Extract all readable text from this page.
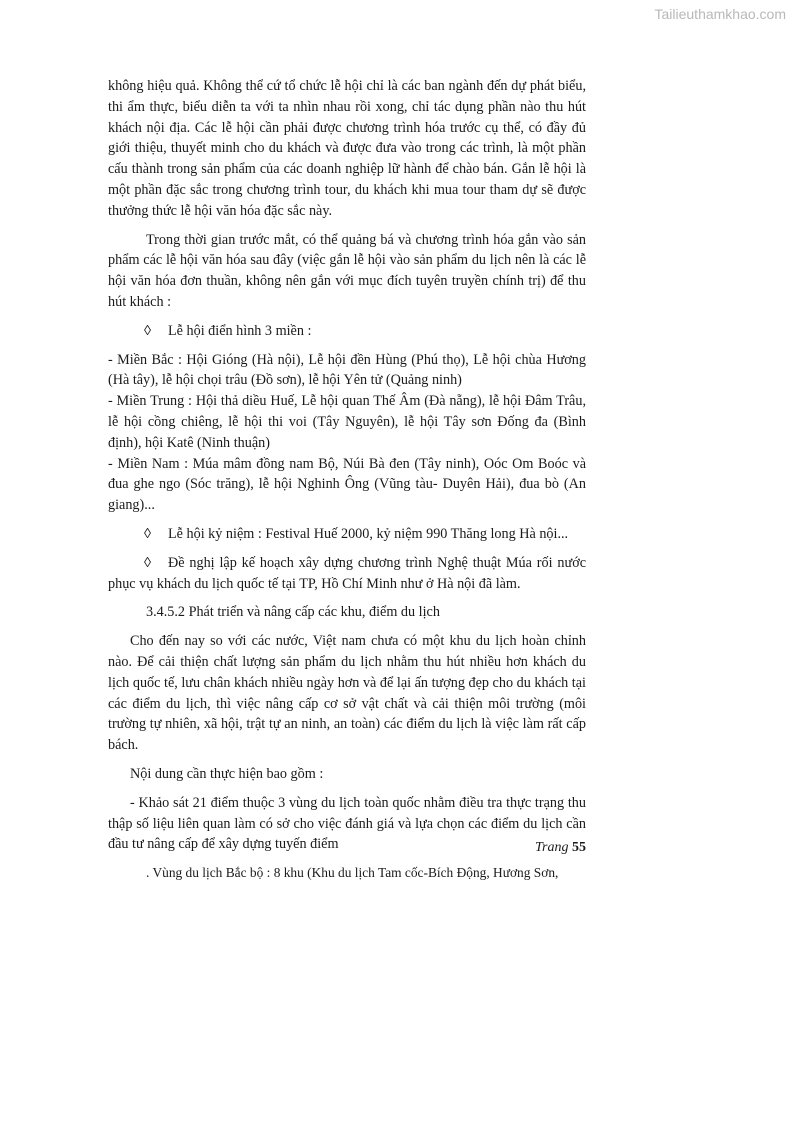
Tailieuthamkhao.com

không hiệu quả. Không thể cứ tổ chức lễ hội chỉ là các ban ngành đến dự phát biểu, thi ẩm thực, biểu diễn ta với ta nhìn nhau rồi xong, chỉ tác dụng phần nào thu hút khách nội địa. Các lễ hội cần phải được chương trình hóa trước cụ thể, có đầy đủ giới thiệu, thuyết minh cho du khách và được đưa vào trong các trình, là một phần cấu thành trong sản phẩm của các doanh nghiệp lữ hành để chào bán. Gắn lễ hội là một phần đặc sắc trong chương trình tour, du khách khi mua tour tham dự sẽ được thưởng thức lễ hội văn hóa đặc sắc này.

Trong thời gian trước mắt, có thể quảng bá và chương trình hóa gắn vào sản phẩm các lễ hội văn hóa sau đây (việc gắn lễ hội vào sản phẩm du lịch nên là các lễ hội văn hóa đơn thuần, không nên gắn với mục đích tuyên truyền chính trị) để thu hút khách :

◊ Lễ hội điển hình 3 miền :

- Miền Bắc : Hội Gióng (Hà nội), Lễ hội đền Hùng (Phú thọ), Lễ hội chùa Hương (Hà tây), lễ hội chọi trâu (Đồ sơn), lễ hội Yên tử (Quảng ninh)

- Miền Trung : Hội thả diều Huế, Lễ hội quan Thế Âm (Đà nẵng), lễ hội Đâm Trâu, lễ hội cồng chiêng, lễ hội thi voi (Tây Nguyên), lễ hội Tây sơn Đống đa (Bình định), hội Katê (Ninh thuận)

- Miền Nam : Múa mâm đồng nam Bộ, Núi Bà đen (Tây ninh), Oóc Om Boóc và đua ghe ngo (Sóc trăng), lễ hội Nghinh Ông (Vũng tàu- Duyên Hải), đua bò (An giang)...

◊ Lễ hội kỷ niệm : Festival Huế 2000, kỷ niệm 990 Thăng long Hà nội...

◊ Đề nghị lập kế hoạch xây dựng chương trình Nghệ thuật Múa rối nước phục vụ khách du lịch quốc tế tại TP, Hồ Chí Minh như ở Hà nội đã làm.

3.4.5.2 Phát triển và nâng cấp các khu, điểm du lịch

Cho đến nay so với các nước, Việt nam chưa có một khu du lịch hoàn chỉnh nào. Để cải thiện chất lượng sản phẩm du lịch nhằm thu hút nhiều hơn khách du lịch quốc tế, lưu chân khách nhiều ngày hơn và để lại ấn tượng đẹp cho du khách tại các điểm du lịch, thì việc nâng cấp cơ sở vật chất và cải thiện môi trường (môi trường tự nhiên, xã hội, trật tự an ninh, an toàn) các điểm du lịch là việc làm rất cấp bách.

Nội dung cần thực hiện bao gồm :

- Khảo sát 21 điểm thuộc 3 vùng du lịch toàn quốc nhằm điều tra thực trạng thu thập số liệu liên quan làm có sở cho việc đánh giá và lựa chọn các điểm du lịch cần đầu tư nâng cấp để xây dựng tuyến điểm

. Vùng du lịch Bắc bộ : 8 khu (Khu du lịch Tam cốc-Bích Động, Hương Sơn,

Trang 55
